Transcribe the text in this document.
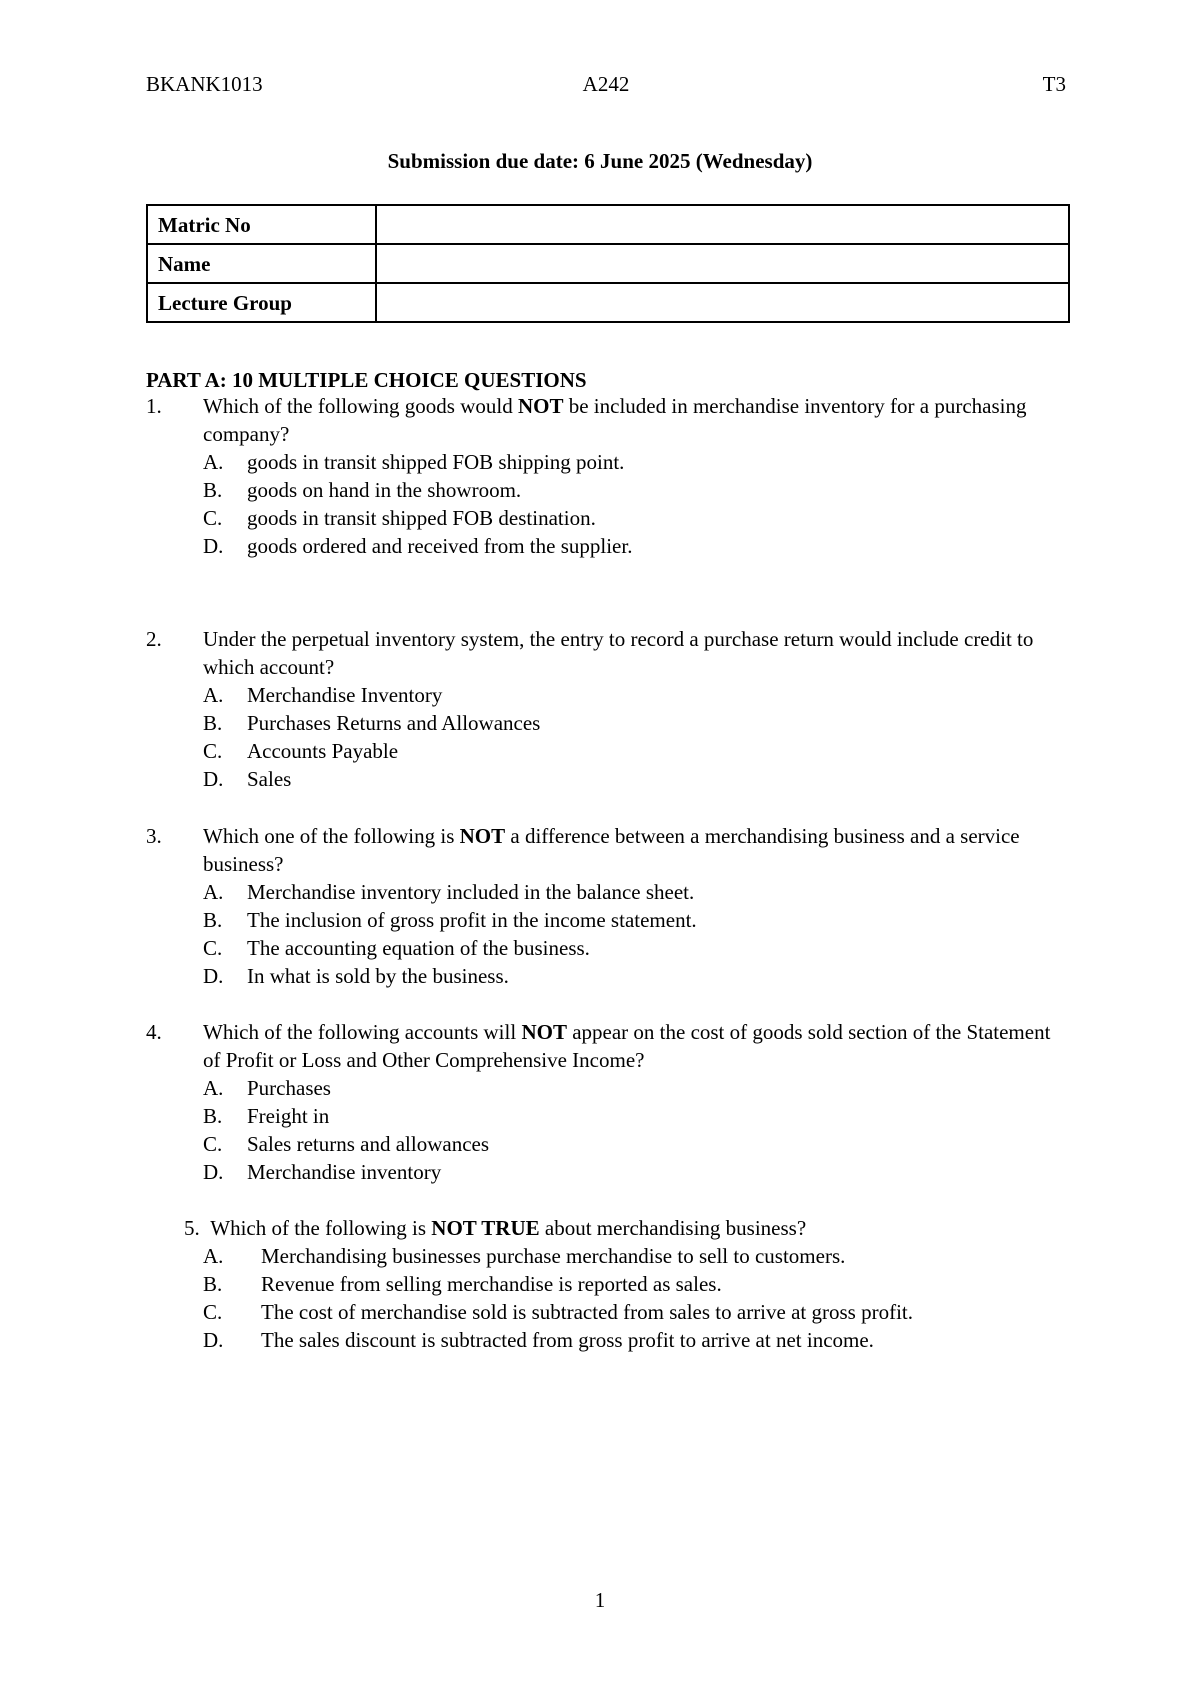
BKANK1013	A242	T3
Submission due date: 6 June 2025 (Wednesday)
Matric No	
Name	
Lecture Group	
PART A: 10 MULTIPLE CHOICE QUESTIONS
1. Which of the following goods would NOT be included in merchandise inventory for a purchasing company?
A. goods in transit shipped FOB shipping point.
B. goods on hand in the showroom.
C. goods in transit shipped FOB destination.
D. goods ordered and received from the supplier.
2. Under the perpetual inventory system, the entry to record a purchase return would include credit to which account?
A. Merchandise Inventory
B. Purchases Returns and Allowances
C. Accounts Payable
D. Sales
3. Which one of the following is NOT a difference between a merchandising business and a service business?
A. Merchandise inventory included in the balance sheet.
B. The inclusion of gross profit in the income statement.
C. The accounting equation of the business.
D. In what is sold by the business.
4. Which of the following accounts will NOT appear on the cost of goods sold section of the Statement of Profit or Loss and Other Comprehensive Income?
A. Purchases
B. Freight in
C. Sales returns and allowances
D. Merchandise inventory
5. Which of the following is NOT TRUE about merchandising business?
A. Merchandising businesses purchase merchandise to sell to customers.
B. Revenue from selling merchandise is reported as sales.
C. The cost of merchandise sold is subtracted from sales to arrive at gross profit.
D. The sales discount is subtracted from gross profit to arrive at net income.
1
